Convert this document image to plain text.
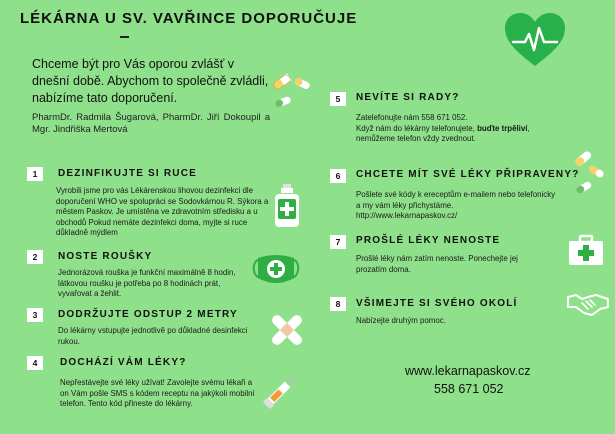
LÉKÁRNA U SV. VAVŘINCE DOPORUČUJE
Chceme být pro Vás oporou zvlášť v dnešní době. Abychom to společně zvládli, nabízíme tato doporučení.
PharmDr. Radmila Šugarová, PharmDr. Jiří Dokoupil a Mgr. Jindřiška Mertová
1	DEZINFIKUJTE SI RUCE
Vyrobili jsme pro vás Lékárenskou lihovou dezinfekci dle doporučení WHO ve spolupráci se Sodovkárnou R. Sýkora a městem Paskov. Je umístěna ve zdravotním středisku a u obchodů Pokud nemáte dezinfekci doma, myjte si ruce důkladně mýdlem
2	NOSTE ROUŠKY
Jednorázová rouška je funkční maximálně 8 hodin, látkovou roušku je potřeba po 8 hodinách prát, vyvařovat a žehlit.
3	DODRŽUJTE ODSTUP 2 METRY
Do lékárny vstupujte jednotlivě po důkladné desinfekci rukou.
4	DOCHÁZÍ VÁM LÉKY?
Nepřestávejte své léky užívat! Zavolejte svému lékaři a on Vám pošle SMS s kódem receptu na jakýkoli mobilní telefon. Tento kód přineste do lékárny.
5	NEVÍTE SI RADY?
Zatelefonujte nám 558 671 052.
Když nám do lékárny telefonujete, buďte trpěliví, nemůžeme telefon vždy zvednout.
6	CHCETE MÍT SVÉ LÉKY PŘIPRAVENY?
Pošlete své kódy k ereceptům e-mailem nebo telefonicky a my vám léky přichystáme. http://www.lekarnapaskov.cz/
7	PROŠLÉ LÉKY NENOSTE
Prošlé léky nám zatím nenoste. Ponechejte jej prozatím doma.
8	VŠIMEJTE SI SVÉHO OKOLÍ
Nabízejte druhým pomoc.
www.lekarnapaskov.cz
558 671 052
